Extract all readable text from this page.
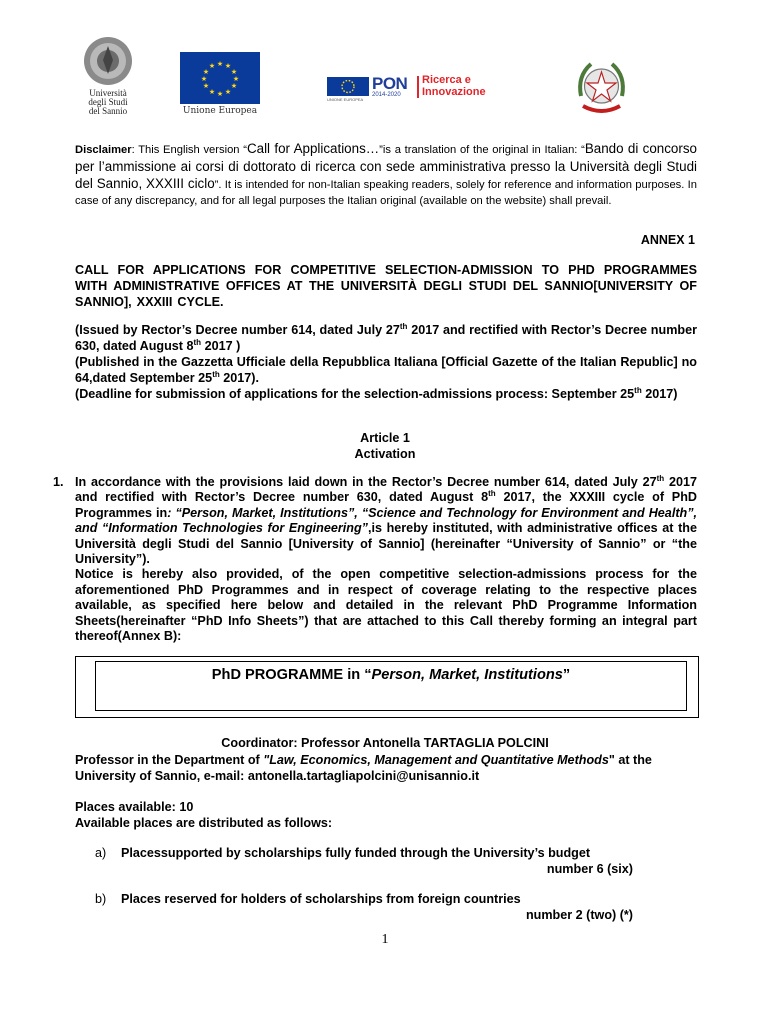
Università
degli Studi
del Sannio
★ ★
★
★
★
★
★
★
★
★
★
★
Unione Europea
UNIONE EUROPEA
PON
2014-2020
Ricerca e
Innovazione
Disclaimer: This English version “Call for Applications…”is a translation of the original in Italian: “Bando di concorso per l’ammissione ai corsi di dottorato di ricerca con sede amministrativa presso la Università degli Studi del Sannio, XXXIII ciclo”. It is intended for non-Italian speaking readers, solely for reference and information purposes. In case of any discrepancy, and for all legal purposes the Italian original (available on the website) shall prevail.
ANNEX 1
CALL FOR APPLICATIONS FOR COMPETITIVE SELECTION-ADMISSION TO PHD PROGRAMMES WITH ADMINISTRATIVE OFFICES AT THE UNIVERSITÀ DEGLI STUDI DEL SANNIO[UNIVERSITY OF SANNIO], XXXIII CYCLE.
(Issued by Rector’s Decree number 614, dated July 27th 2017 and rectified with Rector’s Decree number 630, dated August 8th 2017 )
(Published in the Gazzetta Ufficiale della Repubblica Italiana [Official Gazette of the Italian Republic] no 64,dated September 25th 2017).
(Deadline for submission of applications for the selection-admissions process: September 25th 2017)
Article 1
Activation
1. In accordance with the provisions laid down in the Rector’s Decree number 614, dated July 27th 2017 and rectified with Rector’s Decree number 630, dated August 8th 2017, the XXXIII cycle of PhD Programmes in: “Person, Market, Institutions”, “Science and Technology for Environment and Health”, and “Information Technologies for Engineering”,is hereby instituted, with administrative offices at the Università degli Studi del Sannio [University of Sannio] (hereinafter “University of Sannio” or “the University”).
Notice is hereby also provided, of the open competitive selection-admissions process for the aforementioned PhD Programmes and in respect of coverage relating to the respective places available, as specified here below and detailed in the relevant PhD Programme Information Sheets(hereinafter “PhD Info Sheets”) that are attached to this Call thereby forming an integral part thereof(Annex B):
PhD PROGRAMME in “Person, Market, Institutions”
Coordinator: Professor Antonella TARTAGLIA POLCINI
Professor in the Department of "Law, Economics, Management and Quantitative Methods" at the University of Sannio, e-mail: antonella.tartagliapolcini@unisannio.it
Places available: 10
Available places are distributed as follows:
a) Placessupported by scholarships fully funded through the University’s budget
number 6 (six)
b) Places reserved for holders of scholarships from foreign countries
number 2 (two) (*)
1
